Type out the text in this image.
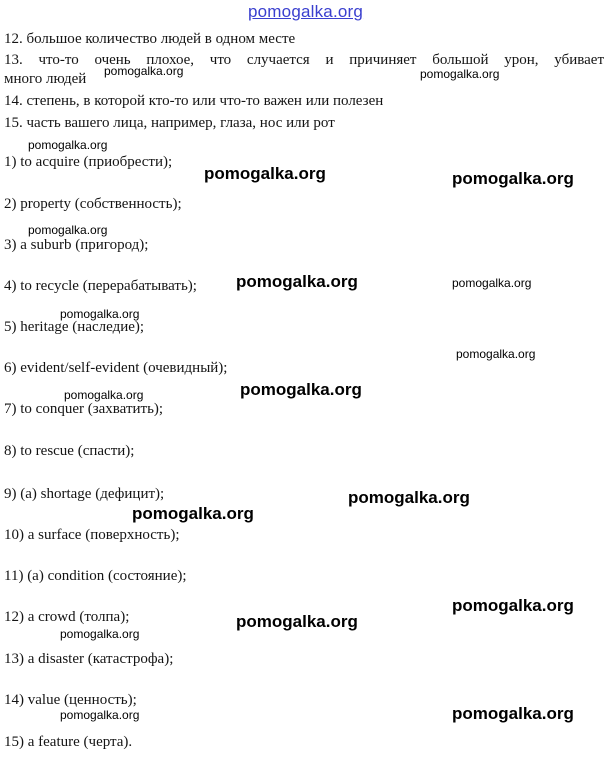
pomogalka.org
12. большое количество людей в одном месте
13. что-то очень плохое, что случается и причиняет большой урон, убивает
много людей
14. степень, в которой кто-то или что-то важен или полезен
15. часть вашего лица, например, глаза, нос или рот
1) to acquire (приобрести);
2) property (собственность);
3) a suburb (пригород);
4) to recycle (перерабатывать);
5) heritage (наследие);
6) evident/self-evident (очевидный);
7) to conquer (захватить);
8) to rescue (спасти);
9) (a) shortage (дефицит);
10) a surface (поверхность);
11) (a) condition (состояние);
12) a crowd (толпа);
13) a disaster (катастрофа);
14) value (ценность);
15) a feature (черта).
pomogalka.org	pomogalka.org
pomogalka.org
pomogalka.org	pomogalka.org
pomogalka.org
pomogalka.org	pomogalka.org
pomogalka.org
pomogalka.org
pomogalka.org
pomogalka.org
pomogalka.org
pomogalka.org
pomogalka.org
pomogalka.org
pomogalka.org
pomogalka.org
pomogalka.org
